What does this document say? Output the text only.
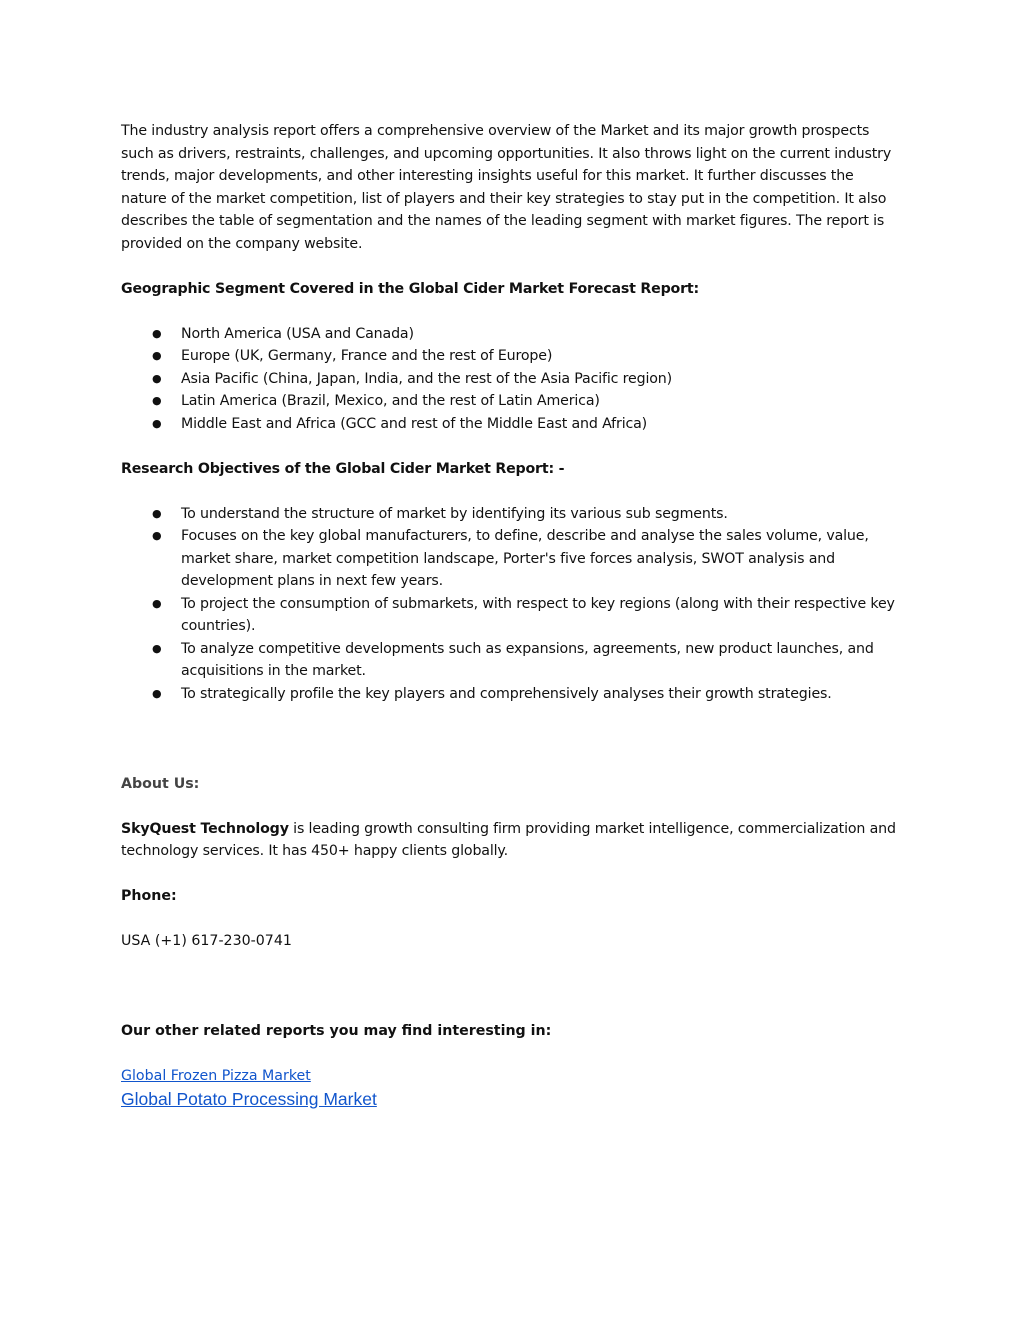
The industry analysis report offers a comprehensive overview of the Market and its major growth prospects such as drivers, restraints, challenges, and upcoming opportunities. It also throws light on the current industry trends, major developments, and other interesting insights useful for this market. It further discusses the nature of the market competition, list of players and their key strategies to stay put in the competition. It also describes the table of segmentation and the names of the leading segment with market figures. The report is provided on the company website.

Geographic Segment Covered in the Global Cider Market Forecast Report:

● North America (USA and Canada)
● Europe (UK, Germany, France and the rest of Europe)
● Asia Pacific (China, Japan, India, and the rest of the Asia Pacific region)
● Latin America (Brazil, Mexico, and the rest of Latin America)
● Middle East and Africa (GCC and rest of the Middle East and Africa)

Research Objectives of the Global Cider Market Report: -

● To understand the structure of market by identifying its various sub segments.
● Focuses on the key global manufacturers, to define, describe and analyse the sales volume, value, market share, market competition landscape, Porter's five forces analysis, SWOT analysis and development plans in next few years.
● To project the consumption of submarkets, with respect to key regions (along with their respective key countries).
● To analyze competitive developments such as expansions, agreements, new product launches, and acquisitions in the market.
● To strategically profile the key players and comprehensively analyses their growth strategies.

About Us:

SkyQuest Technology is leading growth consulting firm providing market intelligence, commercialization and technology services. It has 450+ happy clients globally.

Phone:

USA (+1) 617-230-0741

Our other related reports you may find interesting in:

Global Frozen Pizza Market
Global Potato Processing Market
